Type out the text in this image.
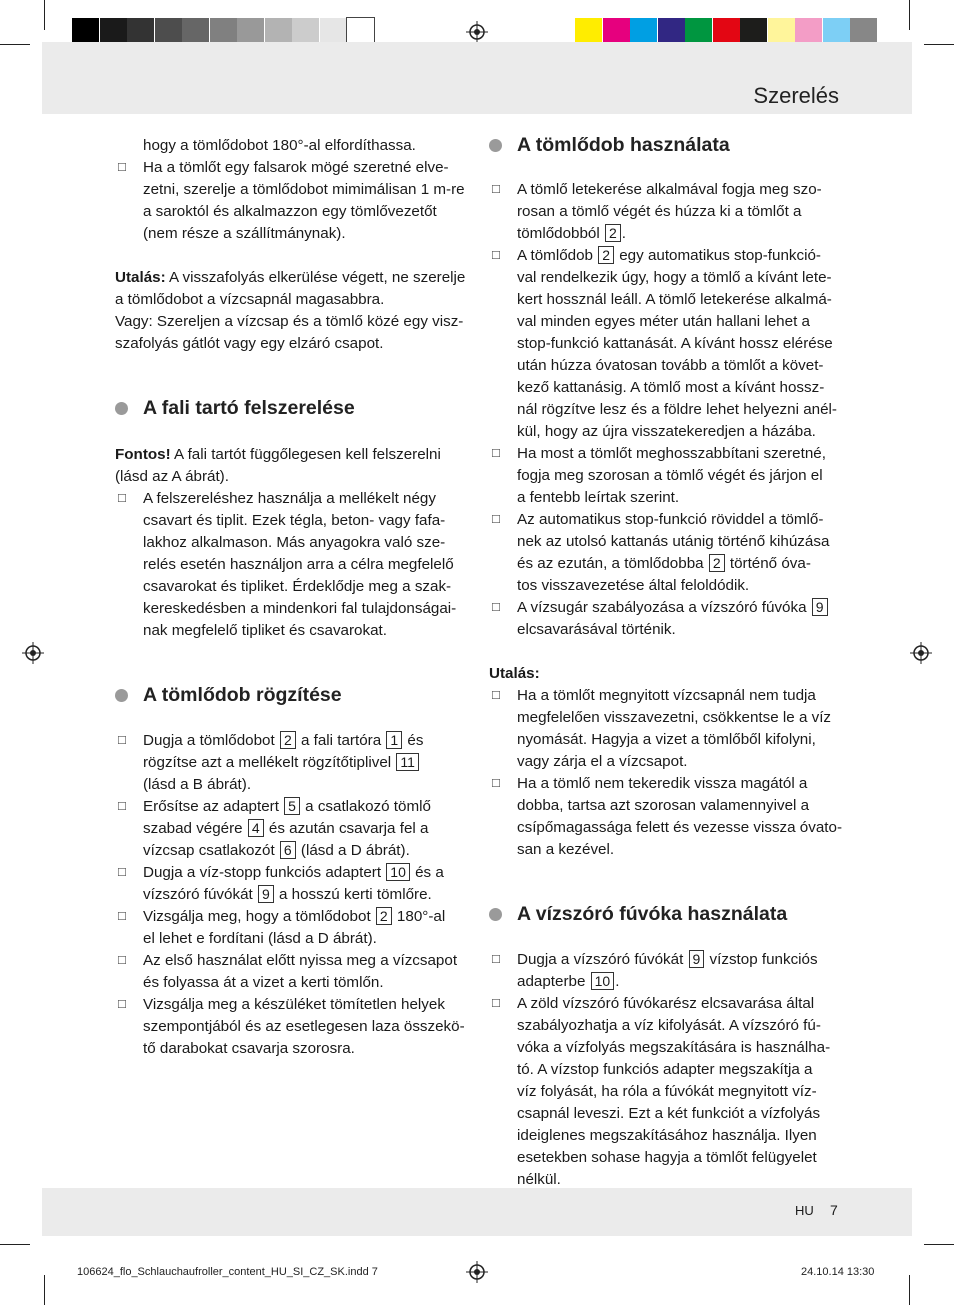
Szerelés

hogy a tömlődobot 180°-al elfordíthassa.

☐ Ha a tömlőt egy falsarok mögé szeretné elve-

zetni, szerelje a tömlődobot mimimálisan 1 m-re

a saroktól és alkalmazzon egy tömlővezetőt

(nem része a szállítmánynak).

Utalás: A visszafolyás elkerülése végett, ne szerelje

a tömlődobot a vízcsapnál magasabbra.

Vagy: Szereljen a vízcsap és a tömlő közé egy visz-

szafolyás gátlót vagy egy elzáró csapot.

A fali tartó felszerelése

Fontos! A fali tartót függőlegesen kell felszerelni

(lásd az A ábrát).

☐ A felszereléshez használja a mellékelt négy

csavart és tiplit. Ezek tégla, beton- vagy fafa-

lakhoz alkalmason. Más anyagokra való sze-

relés esetén használjon arra a célra megfelelő

csavarokat és tipliket. Érdeklődje meg a szak-

kereskedésben a mindenkori fal tulajdonságai-

nak megfelelő tipliket és csavarokat.

A tömlődob rögzítése
☐ Dugja a tömlődobot 2 a fali tartóra 1 és

rögzítse azt a mellékelt rögzítőtiplivel 11

(lásd a B ábrát).

☐ Erősítse az adaptert 5 a csatlakozó tömlő

szabad végére 4 és azután csavarja fel a

vízcsap csatlakozót 6 (lásd a D ábrát).

☐ Dugja a víz-stopp funkciós adaptert 10 és a

vízszóró fúvókát 9 a hosszú kerti tömlőre.

☐ Vizsgálja meg, hogy a tömlődobot 2 180°-al

el lehet e fordítani (lásd a D ábrát).

☐ Az első használat előtt nyissa meg a vízcsapot

és folyassa át a vizet a kerti tömlőn.

☐ Vizsgálja meg a készüléket tömítetlen helyek

szempontjából és az esetlegesen laza összekö-

tő darabokat csavarja szorosra.

A tömlődob használata
☐ A tömlő letekerése alkalmával fogja meg szo-

rosan a tömlő végét és húzza ki a tömlőt a

tömlődobból 2 .

☐ A tömlődob 2 egy automatikus stop-funkció-

val rendelkezik úgy, hogy a tömlő a kívánt lete-

kert hossznál leáll. A tömlő letekerése alkalmá-

val minden egyes méter után hallani lehet a

stop-funkció kattanását. A kívánt hossz elérése

után húzza óvatosan tovább a tömlőt a követ-

kező kattanásig. A tömlő most a kívánt hossz-

nál rögzítve lesz és a földre lehet helyezni anél-

kül, hogy az újra visszatekeredjen a házába.

☐ Ha most a tömlőt meghosszabbítani szeretné,

fogja meg szorosan a tömlő végét és járjon el

a fentebb leírtak szerint.

☐ Az automatikus stop-funkció röviddel a tömlő-

nek az utolsó kattanás utánig történő kihúzása

és az ezután, a tömlődobba 2 történő óva-

tos visszavezetése által feloldódik.

☐ A vízsugár szabályozása a vízszóró fúvóka 9

elcsavarásával történik.

Utalás:

☐ Ha a tömlőt megnyitott vízcsapnál nem tudja

megfelelően visszavezetni, csökkentse le a víz

nyomását. Hagyja a vizet a tömlőből kifolyni,

vagy zárja el a vízcsapot.

☐ Ha a tömlő nem tekeredik vissza magától a

dobba, tartsa azt szorosan valamennyivel a

csípőmagassága felett és vezesse vissza óvato-

san a kezével.

A vízszóró fúvóka használata
☐ Dugja a vízszóró fúvókát 9 vízstop funkciós

adapterbe 10 .

☐ A zöld vízszóró fúvókarész elcsavarása által

szabályozhatja a víz kifolyását. A vízszóró fú-

vóka a vízfolyás megszakítására is használha-

tó. A vízstop funkciós adapter megszakítja a

víz folyását, ha róla a fúvókát megnyitott víz-

csapnál leveszi. Ezt a két funkciót a vízfolyás

ideiglenes megszakításához használja. Ilyen

esetekben sohase hagyja a tömlőt felügyelet

nélkül.

HU 7
106624_flo_Schlauchaufroller_content_HU_SI_CZ_SK.indd 7	24.10.14 13:30
